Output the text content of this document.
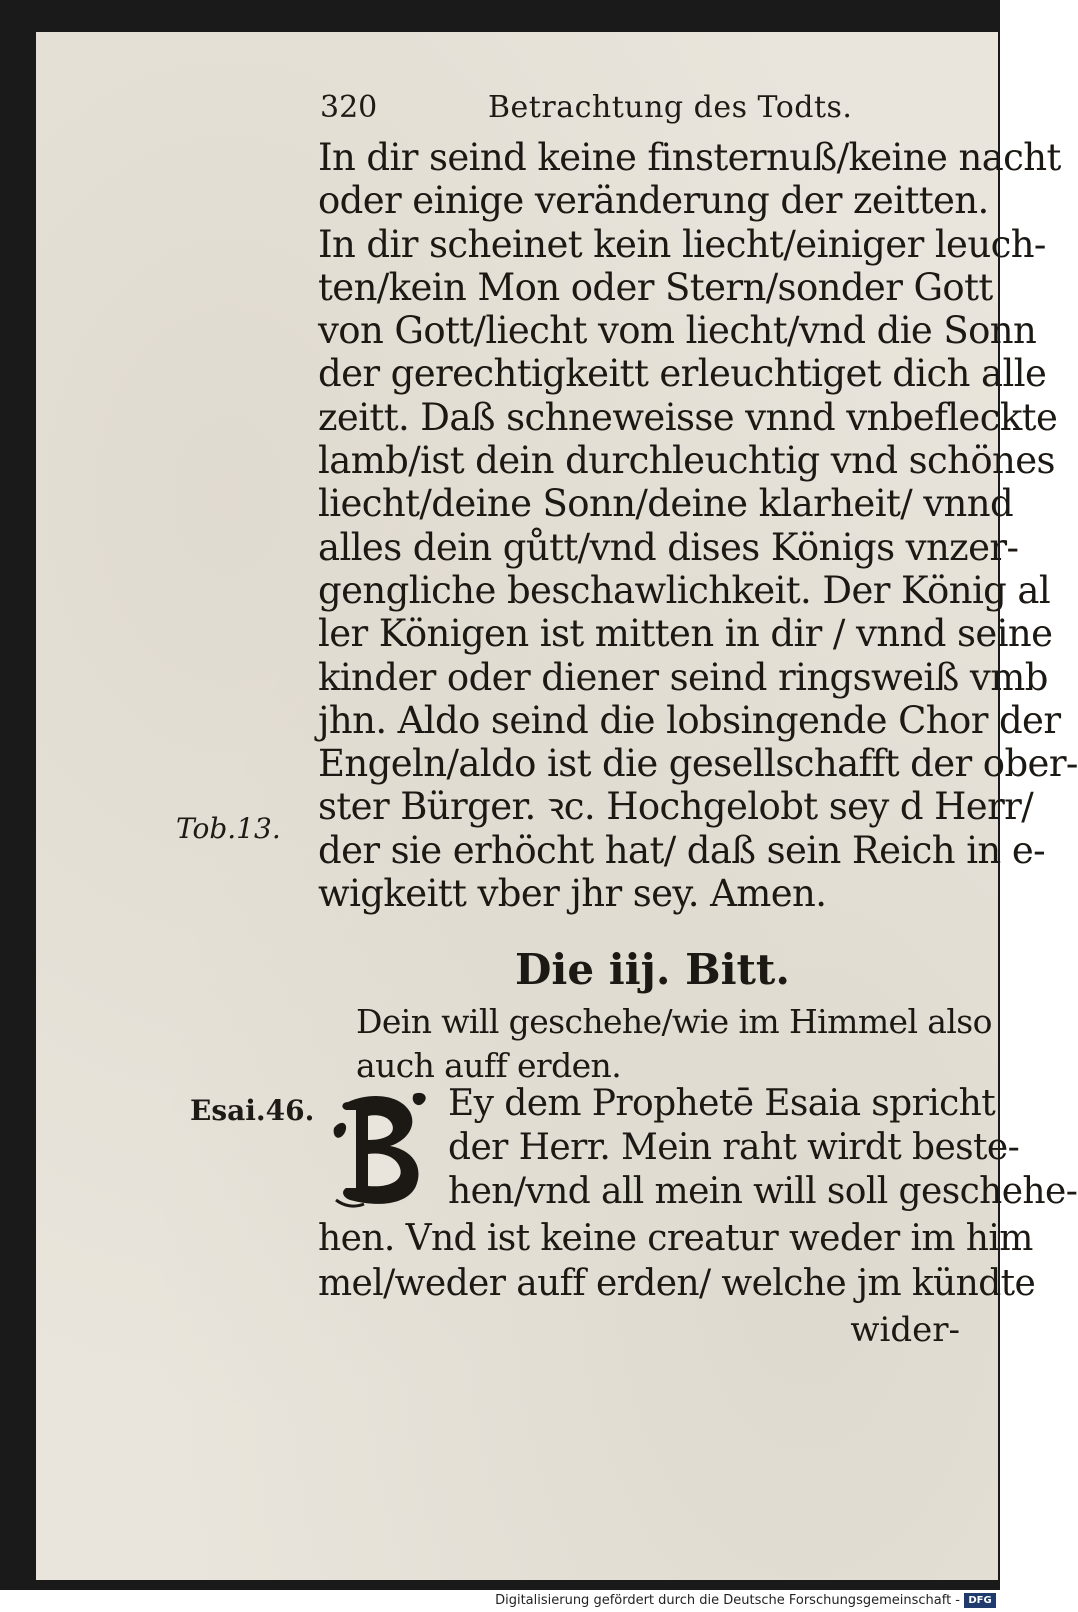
320	Betrachtung des Todts.
In dir seind keine finsternuß/keine nacht
oder einige veränderung der zeitten.
In dir scheinet kein liecht/einiger leuch-
ten/kein Mon oder Stern/sonder Gott
von Gott/liecht vom liecht/vnd die Sonn
der gerechtigkeitt erleuchtiget dich alle
zeitt. Daß schneweisse vnnd vnbefleckte
lamb/ist dein durchleuchtig vnd schönes
liecht/deine Sonn/deine klarheit/ vnnd
alles dein gůtt/vnd dises Königs vnzer-
gengliche beschawlichkeit. Der König al
ler Königen ist mitten in dir / vnnd seine
kinder oder diener seind ringsweiß vmb
jhn. Aldo seind die lobsingende Chor der
Engeln/aldo ist die gesellschafft der ober-
ster Bürger. ꝛc. Hochgelobt sey d Herr/
der sie erhöcht hat/ daß sein Reich in e-
wigkeitt vber jhr sey. Amen.
Tob.13.
Die iij. Bitt.
Dein will geschehe/wie im Himmel also
auch auff erden.
Esai.46.	Ey dem Prophetē Esaia spricht
der Herr. Mein raht wirdt beste-
hen/vnd all mein will soll geschehe-
hen. Vnd ist keine creatur weder im him
mel/weder auff erden/ welche jm kündte
wider-
Digitalisierung gefördert durch die Deutsche Forschungsgemeinschaft - DFG
